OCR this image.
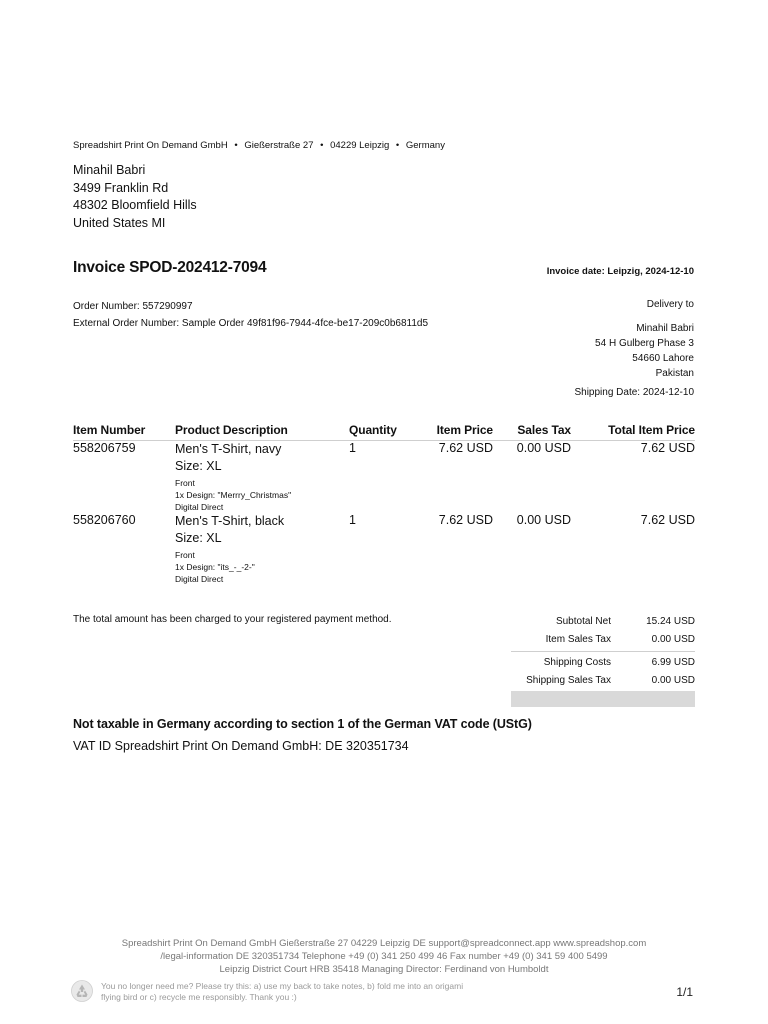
Spreadshirt Print On Demand GmbH • Gießerstraße 27 • 04229 Leipzig • Germany
Minahil Babri
3499 Franklin Rd
48302 Bloomfield Hills
United States MI
Invoice SPOD-202412-7094	Invoice date: Leipzig, 2024-12-10
Order Number: 557290997
External Order Number: Sample Order 49f81f96-7944-4fce-be17-209c0b6811d5
Delivery to
Minahil Babri
54 H Gulberg Phase 3
54660 Lahore
Pakistan
Shipping Date: 2024-12-10
Item Number	Product Description	Quantity	Item Price	Sales Tax	Total Item Price
558206759	Men's T-Shirt, navy
Size: XL
Front
1x Design: "Merrry_Christmas"
Digital Direct	1	7.62 USD	0.00 USD	7.62 USD
558206760	Men's T-Shirt, black
Size: XL
Front
1x Design: "its_-_-2-"
Digital Direct	1	7.62 USD	0.00 USD	7.62 USD
The total amount has been charged to your registered payment method.	Subtotal Net	15.24 USD
Item Sales Tax	0.00 USD
Shipping Costs	6.99 USD
Shipping Sales Tax	0.00 USD
Not taxable in Germany according to section 1 of the German VAT code (UStG)
VAT ID Spreadshirt Print On Demand GmbH: DE 320351734
Spreadshirt Print On Demand GmbH Gießerstraße 27 04229 Leipzig DE support@spreadconnect.app www.spreadshop.com
/legal-information DE 320351734 Telephone +49 (0) 341 250 499 46 Fax number +49 (0) 341 59 400 5499
Leipzig District Court HRB 35418 Managing Director: Ferdinand von Humboldt
You no longer need me? Please try this: a) use my back to take notes, b) fold me into an origami
flying bird or c) recycle me responsibly. Thank you :)	1/1
